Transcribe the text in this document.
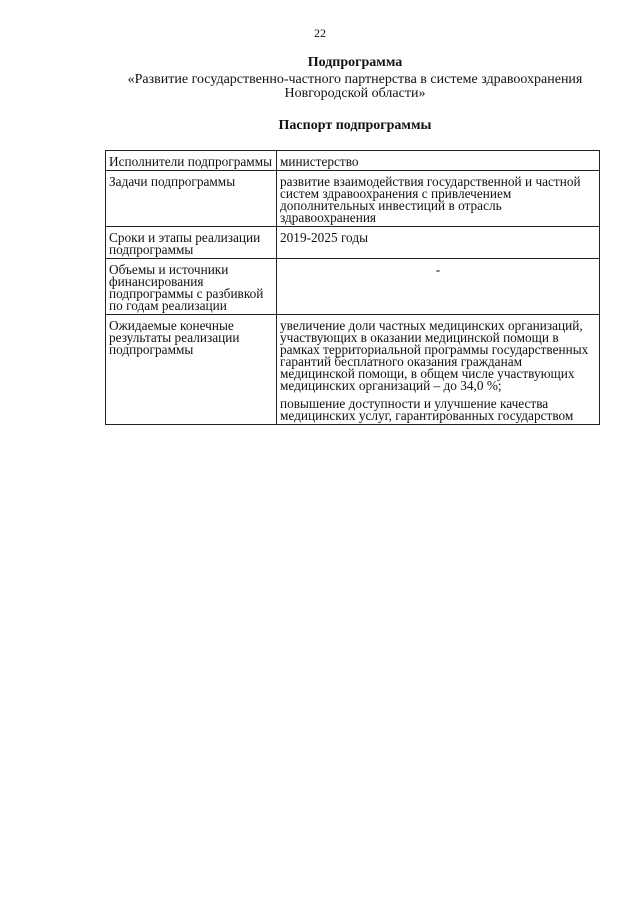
22
Подпрограмма
«Развитие государственно-частного партнерства в системе здравоохранения
Новгородской области»
Паспорт подпрограммы
Исполнители подпрограммы	министерство

Задачи подпрограммы	развитие взаимодействия государственной и частной систем здравоохранения с привлечением дополнительных инвестиций в отрасль здравоохранения

Сроки и этапы реализации подпрограммы	2019-2025 годы

Объемы и источники финансирования подпрограммы с разбивкой по годам реализации	-

Ожидаемые конечные результаты реализации подпрограммы	увеличение доли частных медицинских организаций, участвующих в оказании медицинской помощи в рамках территориальной программы государственных гарантий бесплатного оказания гражданам медицинской помощи, в общем числе участвующих медицинских организаций – до 34,0 %;

повышение доступности и улучшение качества медицинских услуг, гарантированных государством
